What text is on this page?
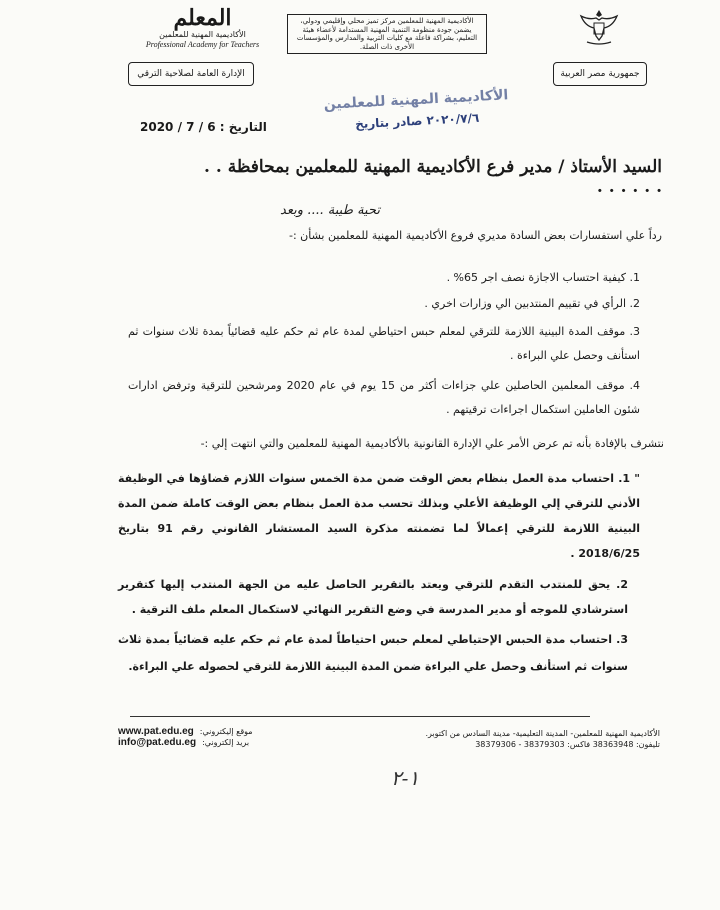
المعلم
الأكاديمية المهنية للمعلمين
Professional Academy for Teachers
الإدارة العامة لصلاحية الترقي
الأكاديمية المهنية للمعلمين مركز تميز محلي وإقليمي ودولي، يضمن جودة منظومة التنمية المهنية المستدامة لأعضاء هيئة التعليم، بشراكة فاعلة مع كليات التربية والمدارس والمؤسسات الأخرى ذات الصلة.
جمهورية مصر العربية
الأكاديمية المهنية للمعلمين
٢٠٢٠/٧/٦ صادر بتاريخ
التاريخ : 6 / 7 / 2020
السيد الأستاذ / مدير فرع الأكاديمية المهنية للمعلمين بمحافظة . . . . . . . .
تحية طيبة .... وبعد
رداً علي استفسارات بعض السادة مديري فروع الأكاديمية المهنية للمعلمين بشأن :-
1. كيفية احتساب الاجازة نصف اجر 65% .
2. الرأي في تقييم المنتدبين الي وزارات اخري .
3. موقف المدة البينية اللازمة للترقي لمعلم حبس احتياطي لمدة عام ثم حكم عليه قضائياً بمدة ثلاث سنوات ثم استأنف وحصل علي البراءة .
4. موقف المعلمين الحاصلين علي جزاءات أكثر من 15 يوم في عام 2020 ومرشحين للترقية وترفض ادارات شئون العاملين استكمال اجراءات ترقيتهم .
نتشرف بالإفادة بأنه تم عرض الأمر علي الإدارة القانونية بالأكاديمية المهنية للمعلمين والتي انتهت إلي :-
" 1. احتساب مدة العمل بنظام بعض الوقت ضمن مدة الخمس سنوات اللازم قضاؤها في الوظيفة الأدني للترقي إلي الوظيفة الأعلي وبذلك تحسب مدة العمل بنظام بعض الوقت كاملة ضمن المدة البينية اللازمة للترقي إعمالاً لما تضمنته مذكرة السيد المستشار القانوني رقم 91 بتاريخ 2018/6/25 .
2. يحق للمنتدب التقدم للترقي ويعتد بالتقرير الحاصل عليه من الجهة المنتدب إليها كتقرير استرشادي للموجه أو مدير المدرسة في وضع التقرير النهائي لاستكمال المعلم ملف الترقية .
3. احتساب مدة الحبس الإحتياطي لمعلم حبس احتياطاً لمدة عام ثم حكم عليه قضائياً بمدة ثلاث سنوات ثم استأنف وحصل علي البراءة ضمن المدة البينية اللازمة للترقي لحصوله علي البراءة.
الأكاديمية المهنية للمعلمين- المدينة التعليمية- مدينة السادس من اكتوبر.
تليفون: 38363948 فاكس: 38379303 - 38379306
www.pat.edu.eg موقع إليكتروني:
info@pat.edu.eg بريد إلكتروني:
١-٢
